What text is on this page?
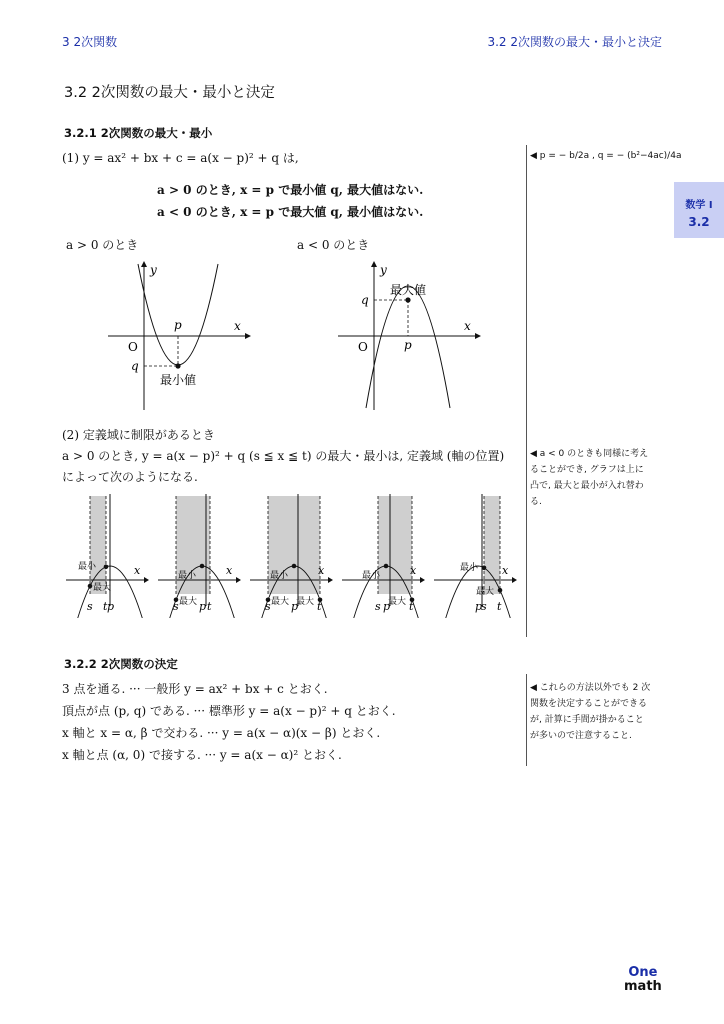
3 2次関数	3.2 2次関数の最大・最小と決定
数学 I
3.2
3.2 2次関数の最大・最小と決定
3.2.1 2次関数の最大・最小
(1) y = ax² + bx + c = a(x − p)² + q は,
a > 0 のとき, x = p で最小値 q, 最大値はない.
a < 0 のとき, x = p で最大値 q, 最小値はない.
◀ p = − b/2a , q = − (b²−4ac)/4a
◀ a < 0 のときも同様に考え
ることができ, グラフは上に
凸で, 最大と最小が入れ替わ
る.
◀ これらの方法以外でも 2 次
関数を決定することができる
が, 計算に手間が掛かること
が多いので注意すること.
a > 0 のとき	a < 0 のとき
y
x
O
p
q
最小値
y
x
O	p
q
最大値
(2) 定義域に制限があるとき
a > 0 のとき, y = a(x − p)² + q (s ≦ x ≦ t) の最大・最小は, 定義域 (軸の位置)
によって次のようになる.
最大
最小	x
s t p	最大
最小	x
s p t	最大 最大
最小	x
s p t	最大
最小	x
s p t
最大
最小 x
p
s t
3.2.2 2次関数の決定
3 点を通る. ··· 一般形 y = ax² + bx + c とおく.
頂点が点 (p, q) である. ··· 標準形 y = a(x − p)² + q とおく.
x 軸と x = α, β で交わる. ··· y = a(x − α)(x − β) とおく.
x 軸と点 (α, 0) で接する. ··· y = a(x − α)² とおく.
One
math
